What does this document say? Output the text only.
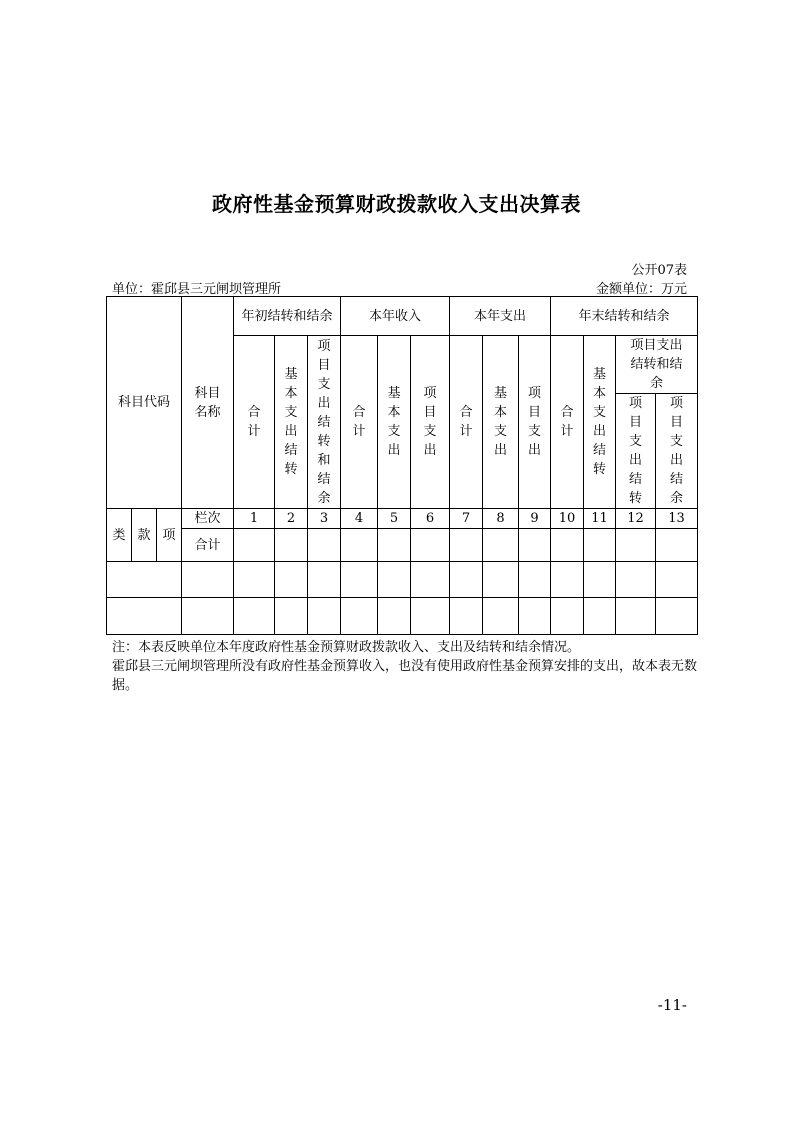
政府性基金预算财政拨款收入支出决算表
公开07表
单位：霍邱县三元闸坝管理所	金额单位：万元
科目代码			科目名称	年初结转和结余			本年收入			本年支出			年末结转和结余			
				合计	基本支出结转	项目支出结转和结余	合计	基本支出	项目支出	合计	基本支出	项目支出	合计	基本支出结转	项目支出结转和结余	
															项目支出结转	项目支出结余
类	款	项	栏次	1	2	3	4	5	6	7	8	9	10	11	12	13
			合计													

注：本表反映单位本年度政府性基金预算财政拨款收入、支出及结转和结余情况。
霍邱县三元闸坝管理所没有政府性基金预算收入，也没有使用政府性基金预算安排的支出，故本表无数据。
-11-
